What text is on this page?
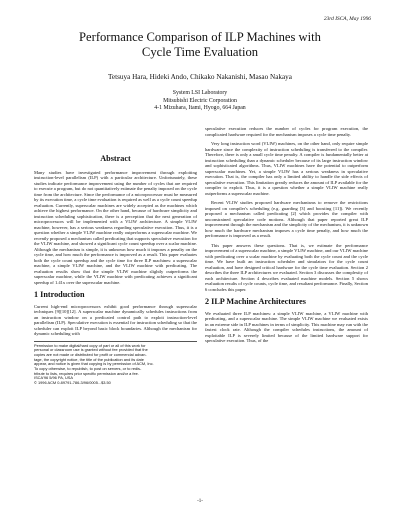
23rd ISCA, May 1996
Performance Comparison of ILP Machines with
Cycle Time Evaluation
Tetsuya Hara, Hideki Ando, Chikako Nakanishi, Masao Nakaya
System LSI Laboratory
Mitsubishi Electric Corporation
4-1 Mizuhara, Itami, Hyogo, 664 Japan
Abstract

Many studies have investigated performance improvement through exploiting instruction-level parallelism (ILP) with a particular architecture. Unfortunately, these studies indicate performance improvement using the number of cycles that are required to execute a program, but do not quantitatively estimate the penalty imposed on the cycle time from the architecture. Since the performance of a microprocessor must be measured by its execution time, a cycle time evaluation is required as well as a cycle count speedup evaluation. Currently, superscalar machines are widely accepted as the machines which achieve the highest performance. On the other hand, because of hardware simplicity and instruction scheduling sophistication, there is a perception that the next generation of microprocessors will be implemented with a VLIW architecture. A simple VLIW machine, however, has a serious weakness regarding speculative execution. Thus, it is a question whether a simple VLIW machine really outperforms a superscalar machine. We recently proposed a mechanism called predicating that supports speculative execution for the VLIW machine, and showed a significant cycle count speedup over a scalar machine. Although the mechanism is simple, it is unknown how much it imposes a penalty on the cycle time, and how much the performance is improved as a result. This paper evaluates both the cycle count speedup and the cycle time for three ILP machines: a superscalar machine, a simple VLIW machine, and the VLIW machine with predicating. The evaluation results show that the simple VLIW machine slightly outperforms the superscalar machine, while the VLIW machine with predicating achieves a significant speedup of 1.41x over the superscalar machine.

1 Introduction

Current high-end microprocessors exhibit good performance through superscalar techniques [9][10][12]. A superscalar machine dynamically schedules instructions from an instruction window on a predicated control path to exploit instruction-level parallelism (ILP). Speculative execution is essential for instruction scheduling so that the scheduler can exploit ILP beyond basic block boundaries. Although the mechanism for dynamic scheduling with

Permission to make digital/hard copy of part or all of this work for
personal or classroom use is granted without fee provided that the
copies are not made or distributed for profit or commercial advan-
tage, the copyright notice, the title of the publication and its date
appear, and notice is given that copying is by permission of ACM, Inc.
To copy otherwise, to republish, to post on servers, or to redis-
tribute to lists, requires prior specific permission and/or a fee.
ISCA'96 5/96 PA, USA
© 1996 ACM 0-89791-786-3/96/0005...$3.50

speculative execution reduces the number of cycles for program execution, the complicated hardware required for the mechanism imposes a cycle time penalty.

Very long instruction word (VLIW) machines, on the other hand, only require simple hardware since the complexity of instruction scheduling is transferred to the compiler. Therefore, there is only a small cycle time penalty. A compiler is fundamentally better at instruction scheduling than a dynamic scheduler because of its large instruction window and sophisticated algorithms. Thus, VLIW machines have the potential to outperform superscalar machines. Yet, a simple VLIW has a serious weakness in speculative execution. That is, the compiler has only a limited ability to handle the side effects of speculative execution. This limitation greatly reduces the amount of ILP available for the compiler to exploit. Thus, it is a question whether a simple VLIW machine really outperforms a superscalar machine.

Recent VLIW studies proposed hardware mechanisms to remove the restrictions imposed on compiler's scheduling (e.g. guarding [3] and boosting [11]). We recently proposed a mechanism called predicating [2] which provides the compiler with unconstrained speculative code motions. Although that paper reported great ILP improvement through the mechanism and the simplicity of the mechanism, it is unknown how much the hardware mechanism imposes a cycle time penalty, and how much the performance is improved as a result.

This paper answers these questions. That is, we estimate the performance improvement of a superscalar machine, a simple VLIW machine, and our VLIW machine with predicating over a scalar machine by evaluating both the cycle count and the cycle time. We have built an instruction scheduler and simulators for the cycle count evaluation, and have designed critical hardware for the cycle time evaluation. Section 2 describes the three ILP architectures we evaluated. Section 3 discusses the complexity of each architecture. Section 4 describes evaluated machine models. Section 5 shows evaluation results of cycle counts, cycle time, and resultant performance. Finally, Section 6 concludes this paper.

2 ILP Machine Architectures

We evaluated three ILP machines: a simple VLIW machine, a VLIW machine with predicating, and a superscalar machine. The simple VLIW machine we evaluated exists in an extreme side in ILP machines in terms of simplicity. This machine may run with the fastest clock rate. Although the compiler schedules instructions, the amount of exploitable ILP is severely limited because of the limited hardware support for speculative execution. Thus, of the

-1-
